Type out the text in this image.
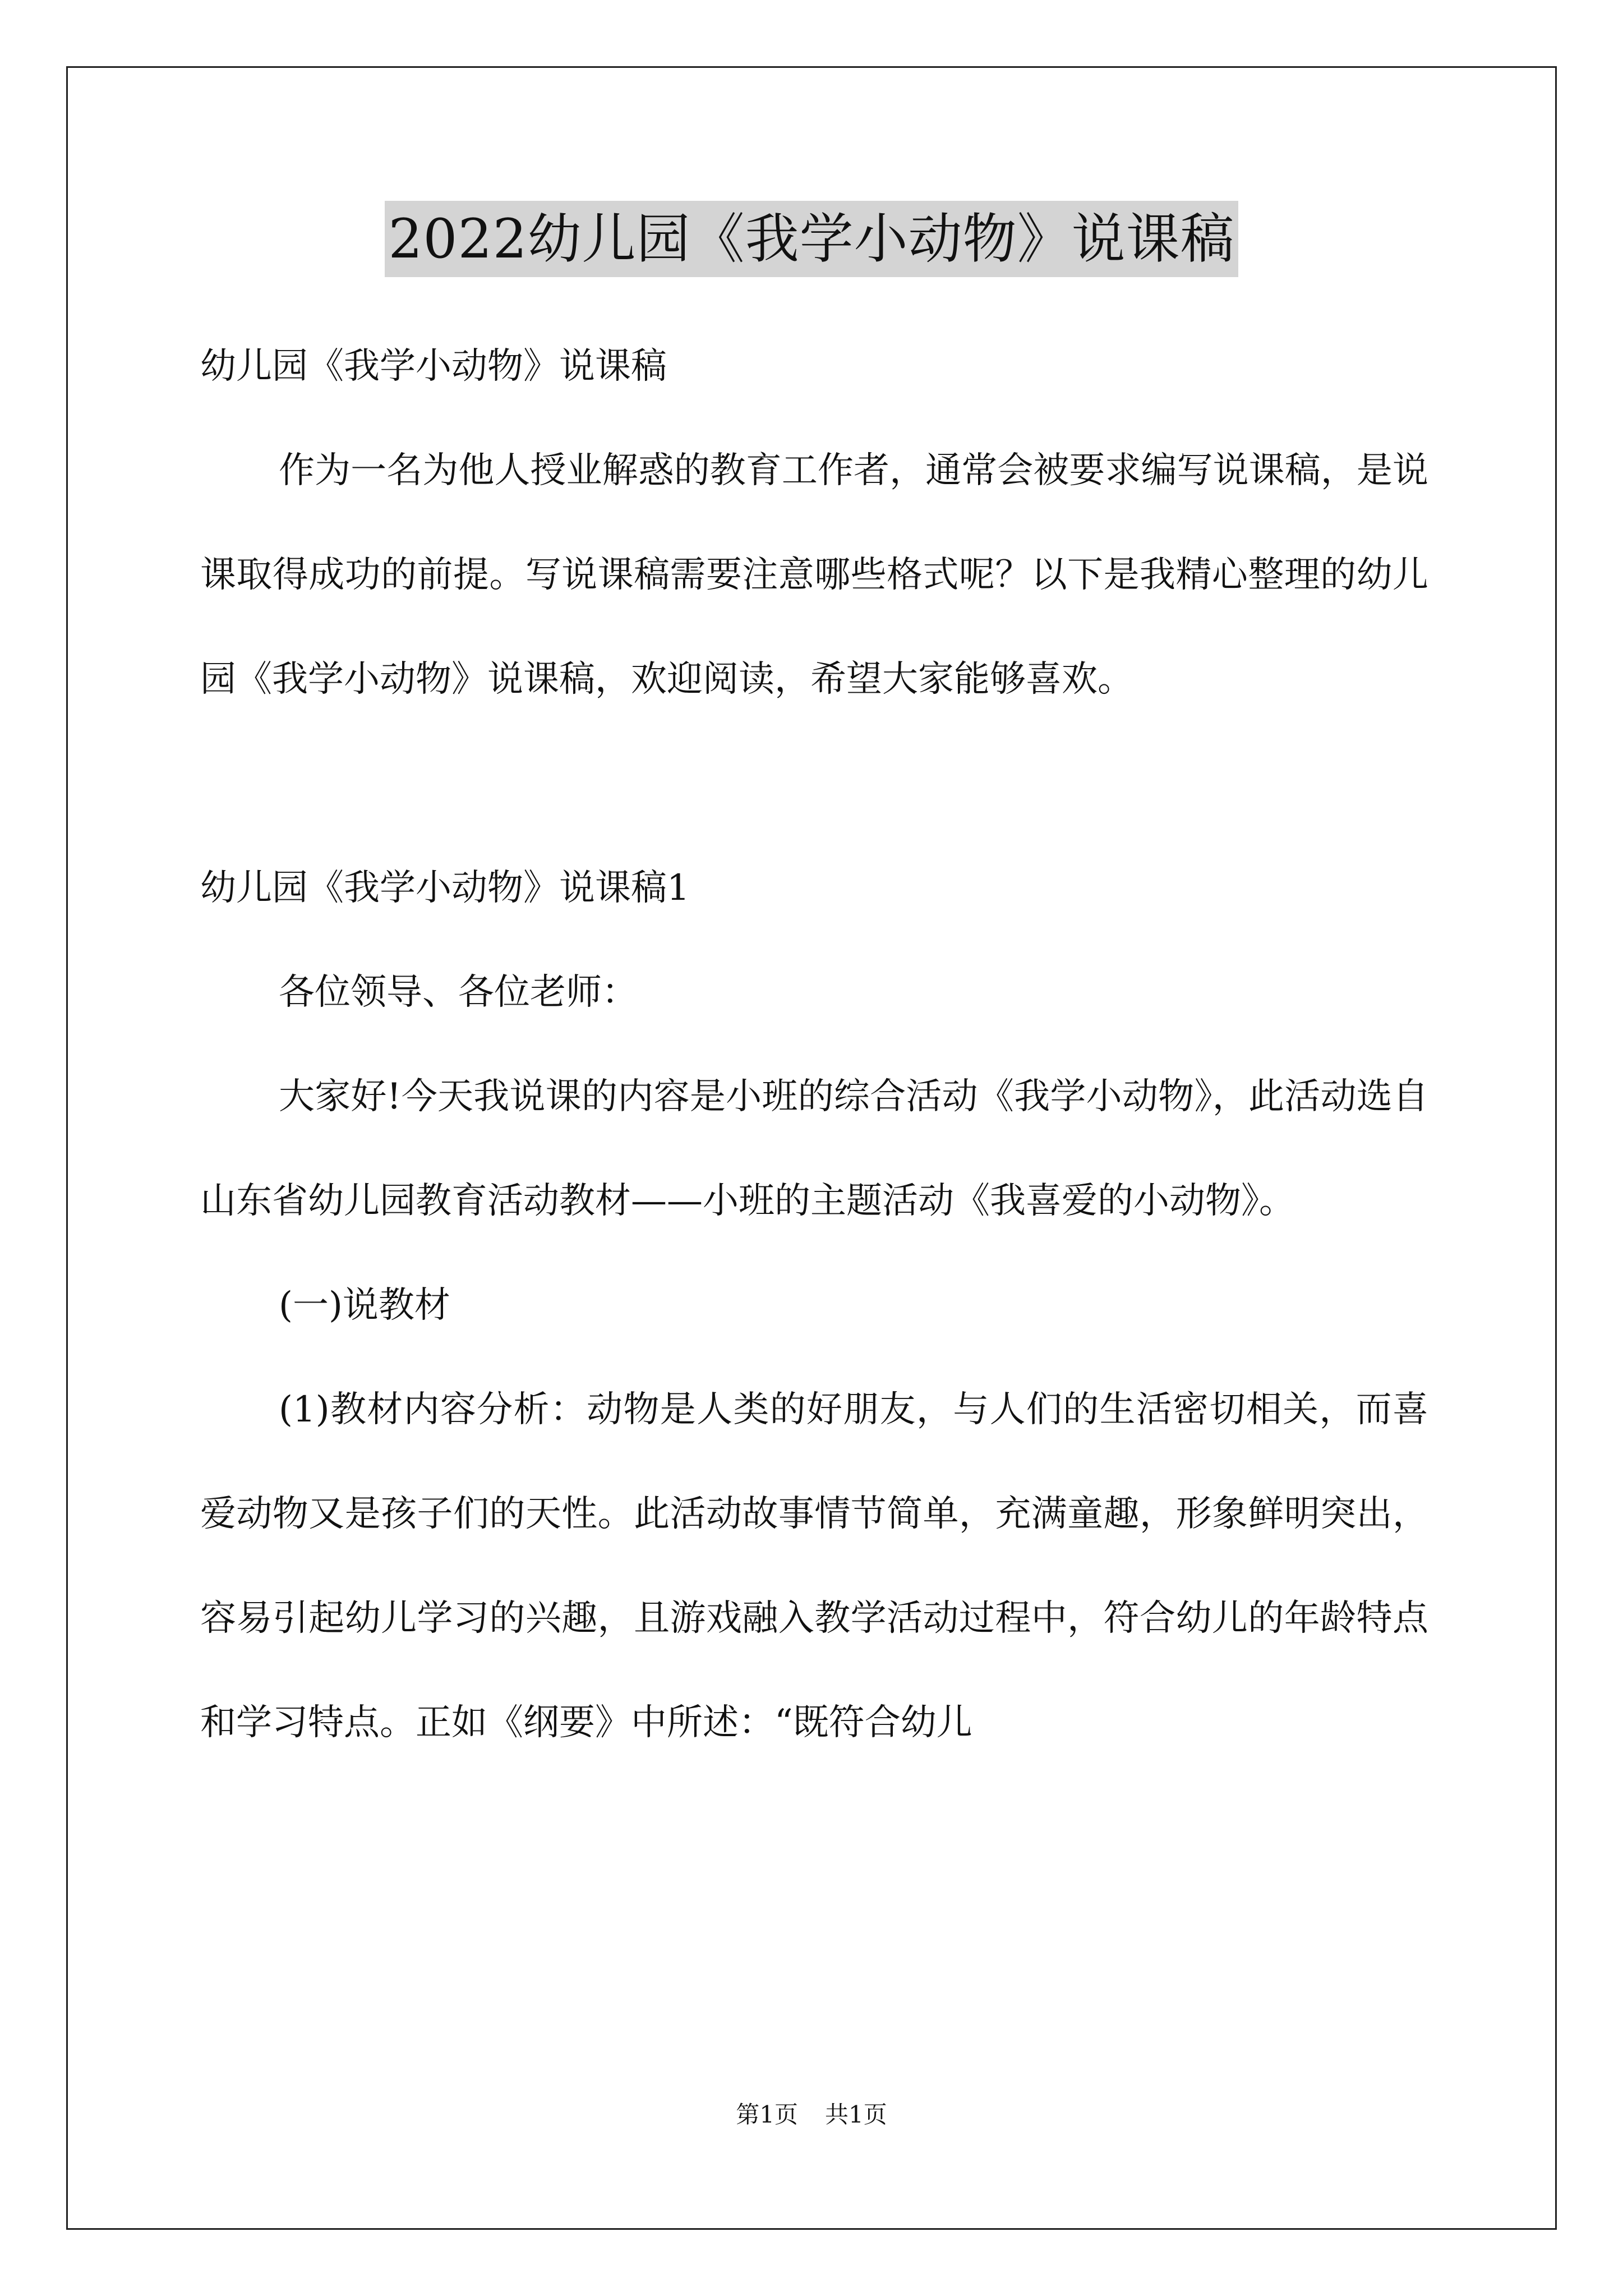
2022幼儿园《我学小动物》说课稿

幼儿园《我学小动物》说课稿

作为一名为他人授业解惑的教育工作者，通常会被要求编写说课稿，是说课取得成功的前提。写说课稿需要注意哪些格式呢？以下是我精心整理的幼儿园《我学小动物》说课稿，欢迎阅读，希望大家能够喜欢。

幼儿园《我学小动物》说课稿1

各位领导、各位老师：

大家好!今天我说课的内容是小班的综合活动《我学小动物》，此活动选自山东省幼儿园教育活动教材——小班的主题活动《我喜爱的小动物》。

(一)说教材

(1)教材内容分析：动物是人类的好朋友，与人们的生活密切相关，而喜爱动物又是孩子们的天性。此活动故事情节简单，充满童趣，形象鲜明突出，容易引起幼儿学习的兴趣，且游戏融入教学活动过程中，符合幼儿的年龄特点和学习特点。正如《纲要》中所述：“既符合幼儿

第1页 共1页
